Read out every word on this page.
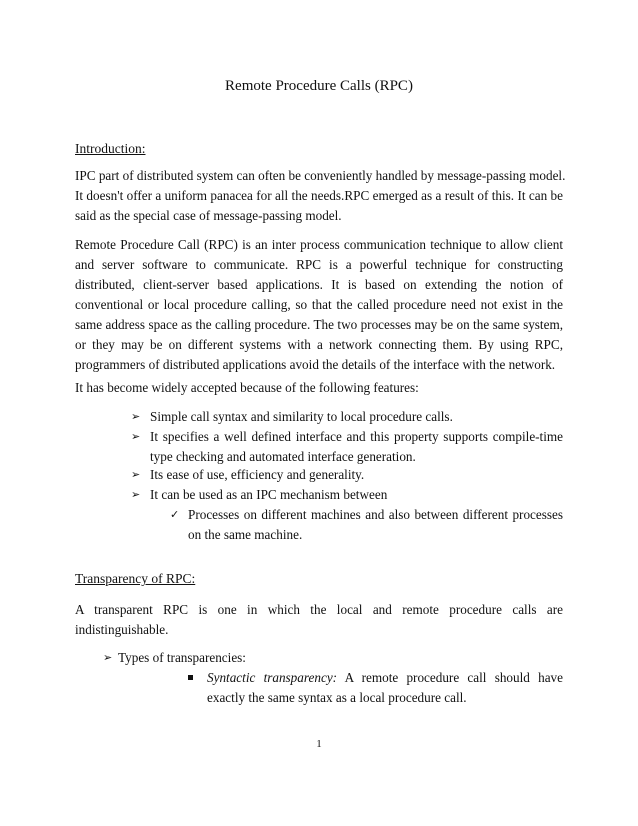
Remote Procedure Calls (RPC)
Introduction:
IPC part of distributed system can often be conveniently handled by message-passing model.
It doesn't offer a uniform panacea for all the needs.RPC emerged as a result of this. It can be
said as the special case of message-passing model.
Remote Procedure Call (RPC) is an inter process communication technique to allow client
and server software to communicate. RPC is a powerful technique for constructing
distributed, client-server based applications. It is based on extending the notion of
conventional or local procedure calling, so that the called procedure need not exist in the
same address space as the calling procedure. The two processes may be on the same system,
or they may be on different systems with a network connecting them. By using RPC,
programmers of distributed applications avoid the details of the interface with the network.
It has become widely accepted because of the following features:
➢ Simple call syntax and similarity to local procedure calls.
➢ It specifies a well defined interface and this property supports compile-time
type checking and automated interface generation.
➢ Its ease of use, efficiency and generality.
➢ It can be used as an IPC mechanism between
✓ Processes on different machines and also between different processes
on the same machine.
Transparency of RPC:
A transparent RPC is one in which the local and remote procedure calls are
indistinguishable.
➢ Types of transparencies:
Syntactic transparency: A remote procedure call should have
exactly the same syntax as a local procedure call.
1
